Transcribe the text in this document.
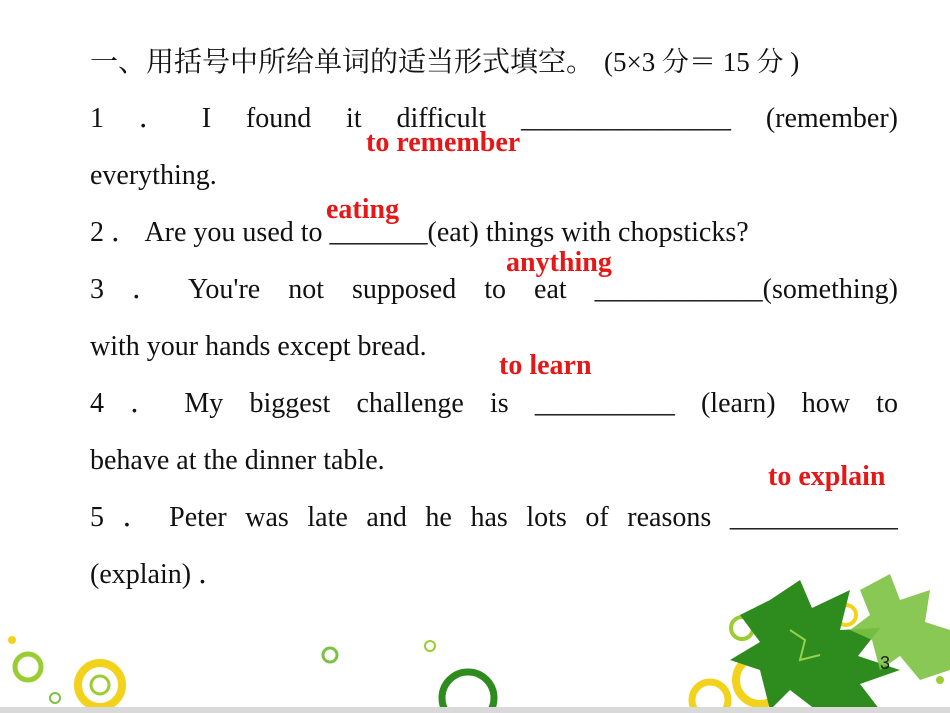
一、用括号中所给单词的适当形式填空。 (5×3 分＝ 15 分 )
1 ． I found it difficult _______________ (remember)
to remember
everything.
eating
2 ． Are you used to _______(eat) things with chopsticks?
anything
3 ． You're not supposed to eat ____________(something)
with your hands except bread.
to learn
4 ． My biggest challenge is __________ (learn) how to
behave at the dinner table.
to explain
5 ． Peter was late and he has lots of reasons ____________
(explain) ．
3
